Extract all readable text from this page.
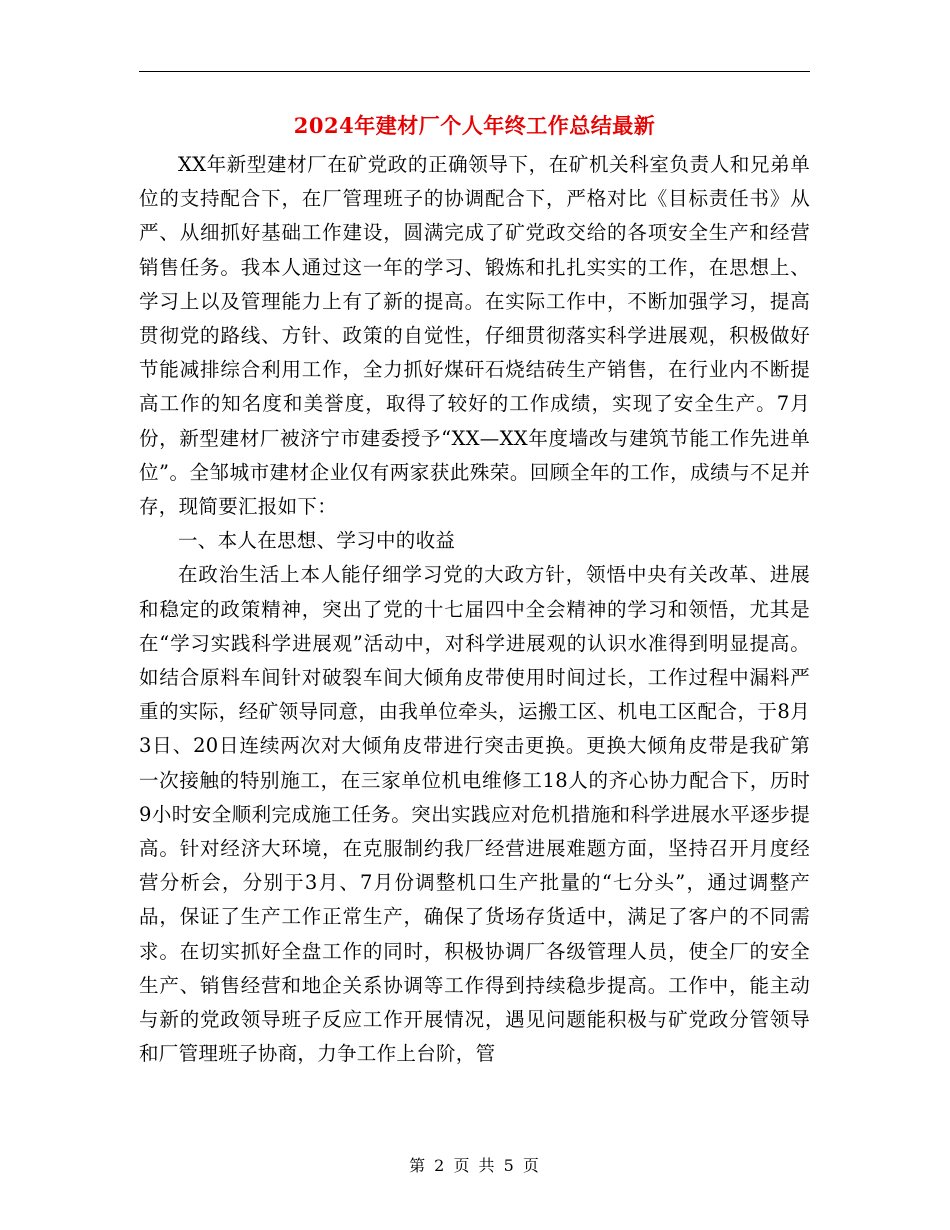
2024年建材厂个人年终工作总结最新

XX年新型建材厂在矿党政的正确领导下，在矿机关科室负责人和兄弟单位的支持配合下，在厂管理班子的协调配合下，严格对比《目标责任书》从严、从细抓好基础工作建设，圆满完成了矿党政交给的各项安全生产和经营销售任务。我本人通过这一年的学习、锻炼和扎扎实实的工作，在思想上、学习上以及管理能力上有了新的提高。在实际工作中，不断加强学习，提高贯彻党的路线、方针、政策的自觉性，仔细贯彻落实科学进展观，积极做好节能减排综合利用工作，全力抓好煤矸石烧结砖生产销售，在行业内不断提高工作的知名度和美誉度，取得了较好的工作成绩，实现了安全生产。7月份，新型建材厂被济宁市建委授予“XX—XX年度墙改与建筑节能工作先进单位”。全邹城市建材企业仅有两家获此殊荣。回顾全年的工作，成绩与不足并存，现简要汇报如下：

一、本人在思想、学习中的收益

在政治生活上本人能仔细学习党的大政方针，领悟中央有关改革、进展和稳定的政策精神，突出了党的十七届四中全会精神的学习和领悟，尤其是在“学习实践科学进展观”活动中，对科学进展观的认识水准得到明显提高。如结合原料车间针对破裂车间大倾角皮带使用时间过长，工作过程中漏料严重的实际，经矿领导同意，由我单位牵头，运搬工区、机电工区配合，于8月3日、20日连续两次对大倾角皮带进行突击更换。更换大倾角皮带是我矿第一次接触的特别施工，在三家单位机电维修工18人的齐心协力配合下，历时9小时安全顺利完成施工任务。突出实践应对危机措施和科学进展水平逐步提高。针对经济大环境，在克服制约我厂经营进展难题方面，坚持召开月度经营分析会，分别于3月、7月份调整机口生产批量的“七分头”，通过调整产品，保证了生产工作正常生产，确保了货场存货适中，满足了客户的不同需求。在切实抓好全盘工作的同时，积极协调厂各级管理人员，使全厂的安全生产、销售经营和地企关系协调等工作得到持续稳步提高。工作中，能主动与新的党政领导班子反应工作开展情况，遇见问题能积极与矿党政分管领导和厂管理班子协商，力争工作上台阶，管

第 2 页 共 5 页
